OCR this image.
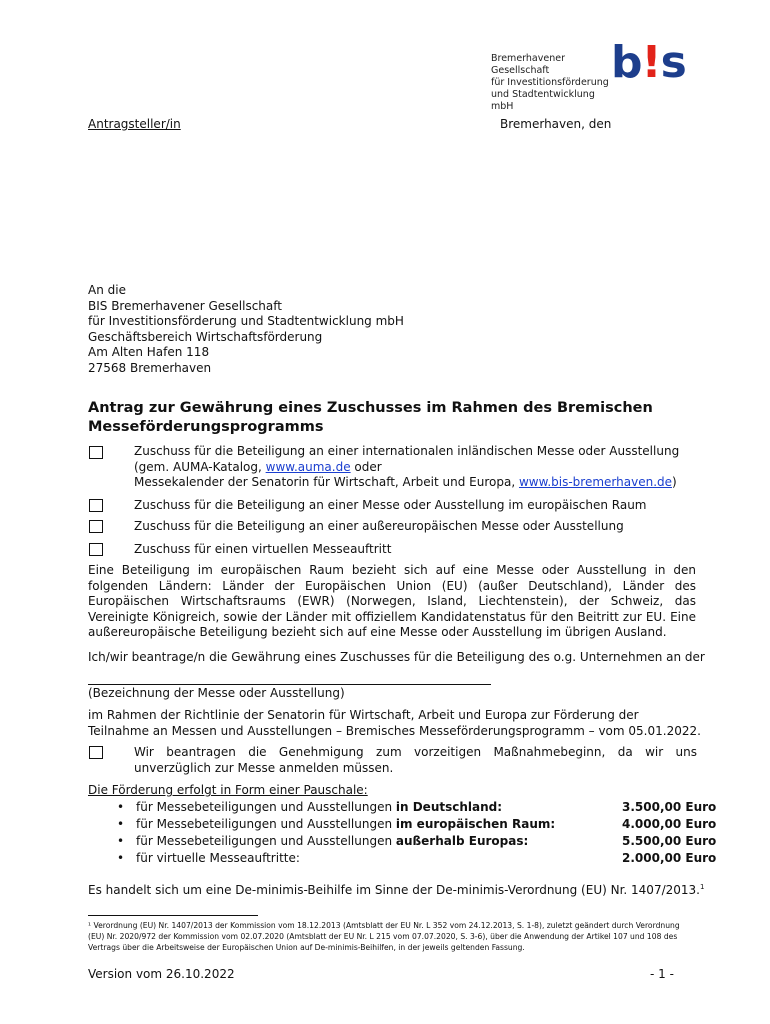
Bremerhavener Gesellschaft
für Investitionsförderung
und Stadtentwicklung mbH
b!s
Antragsteller/in	Bremerhaven, den
An die
BIS Bremerhavener Gesellschaft
für Investitionsförderung und Stadtentwicklung mbH
Geschäftsbereich Wirtschaftsförderung
Am Alten Hafen 118
27568 Bremerhaven
Antrag zur Gewährung eines Zuschusses im Rahmen des Bremischen
Messeförderungsprogramms
Zuschuss für die Beteiligung an einer internationalen inländischen Messe oder Ausstellung
(gem. AUMA-Katalog, www.auma.de oder
Messekalender der Senatorin für Wirtschaft, Arbeit und Europa, www.bis-bremerhaven.de)
Zuschuss für die Beteiligung an einer Messe oder Ausstellung im europäischen Raum
Zuschuss für die Beteiligung an einer außereuropäischen Messe oder Ausstellung
Zuschuss für einen virtuellen Messeauftritt
Eine Beteiligung im europäischen Raum bezieht sich auf eine Messe oder Ausstellung in den folgenden Ländern: Länder der Europäischen Union (EU) (außer Deutschland), Länder des Europäischen Wirtschaftsraums (EWR) (Norwegen, Island, Liechtenstein), der Schweiz, das Vereinigte Königreich, sowie der Länder mit offiziellem Kandidatenstatus für den Beitritt zur EU. Eine außereuropäische Beteiligung bezieht sich auf eine Messe oder Ausstellung im übrigen Ausland.
Ich/wir beantrage/n die Gewährung eines Zuschusses für die Beteiligung des o.g. Unternehmen an der
(Bezeichnung der Messe oder Ausstellung)
im Rahmen der Richtlinie der Senatorin für Wirtschaft, Arbeit und Europa zur Förderung der
Teilnahme an Messen und Ausstellungen – Bremisches Messeförderungsprogramm – vom 05.01.2022.
Wir beantragen die Genehmigung zum vorzeitigen Maßnahmebeginn, da wir uns unverzüglich zur Messe anmelden müssen.
Die Förderung erfolgt in Form einer Pauschale:
• für Messebeteiligungen und Ausstellungen in Deutschland:	3.500,00 Euro
• für Messebeteiligungen und Ausstellungen im europäischen Raum:	4.000,00 Euro
• für Messebeteiligungen und Ausstellungen außerhalb Europas:	5.500,00 Euro
• für virtuelle Messeauftritte:	2.000,00 Euro
Es handelt sich um eine De-minimis-Beihilfe im Sinne der De-minimis-Verordnung (EU) Nr. 1407/2013.$^1$
¹ Verordnung (EU) Nr. 1407/2013 der Kommission vom 18.12.2013 (Amtsblatt der EU Nr. L 352 vom 24.12.2013, S. 1-8), zuletzt geändert durch Verordnung (EU) Nr. 2020/972 der Kommission vom 02.07.2020 (Amtsblatt der EU Nr. L 215 vom 07.07.2020, S. 3-6), über die Anwendung der Artikel 107 und 108 des Vertrags über die Arbeitsweise der Europäischen Union auf De-minimis-Beihilfen, in der jeweils geltenden Fassung.
Version vom 26.10.2022	- 1 -
